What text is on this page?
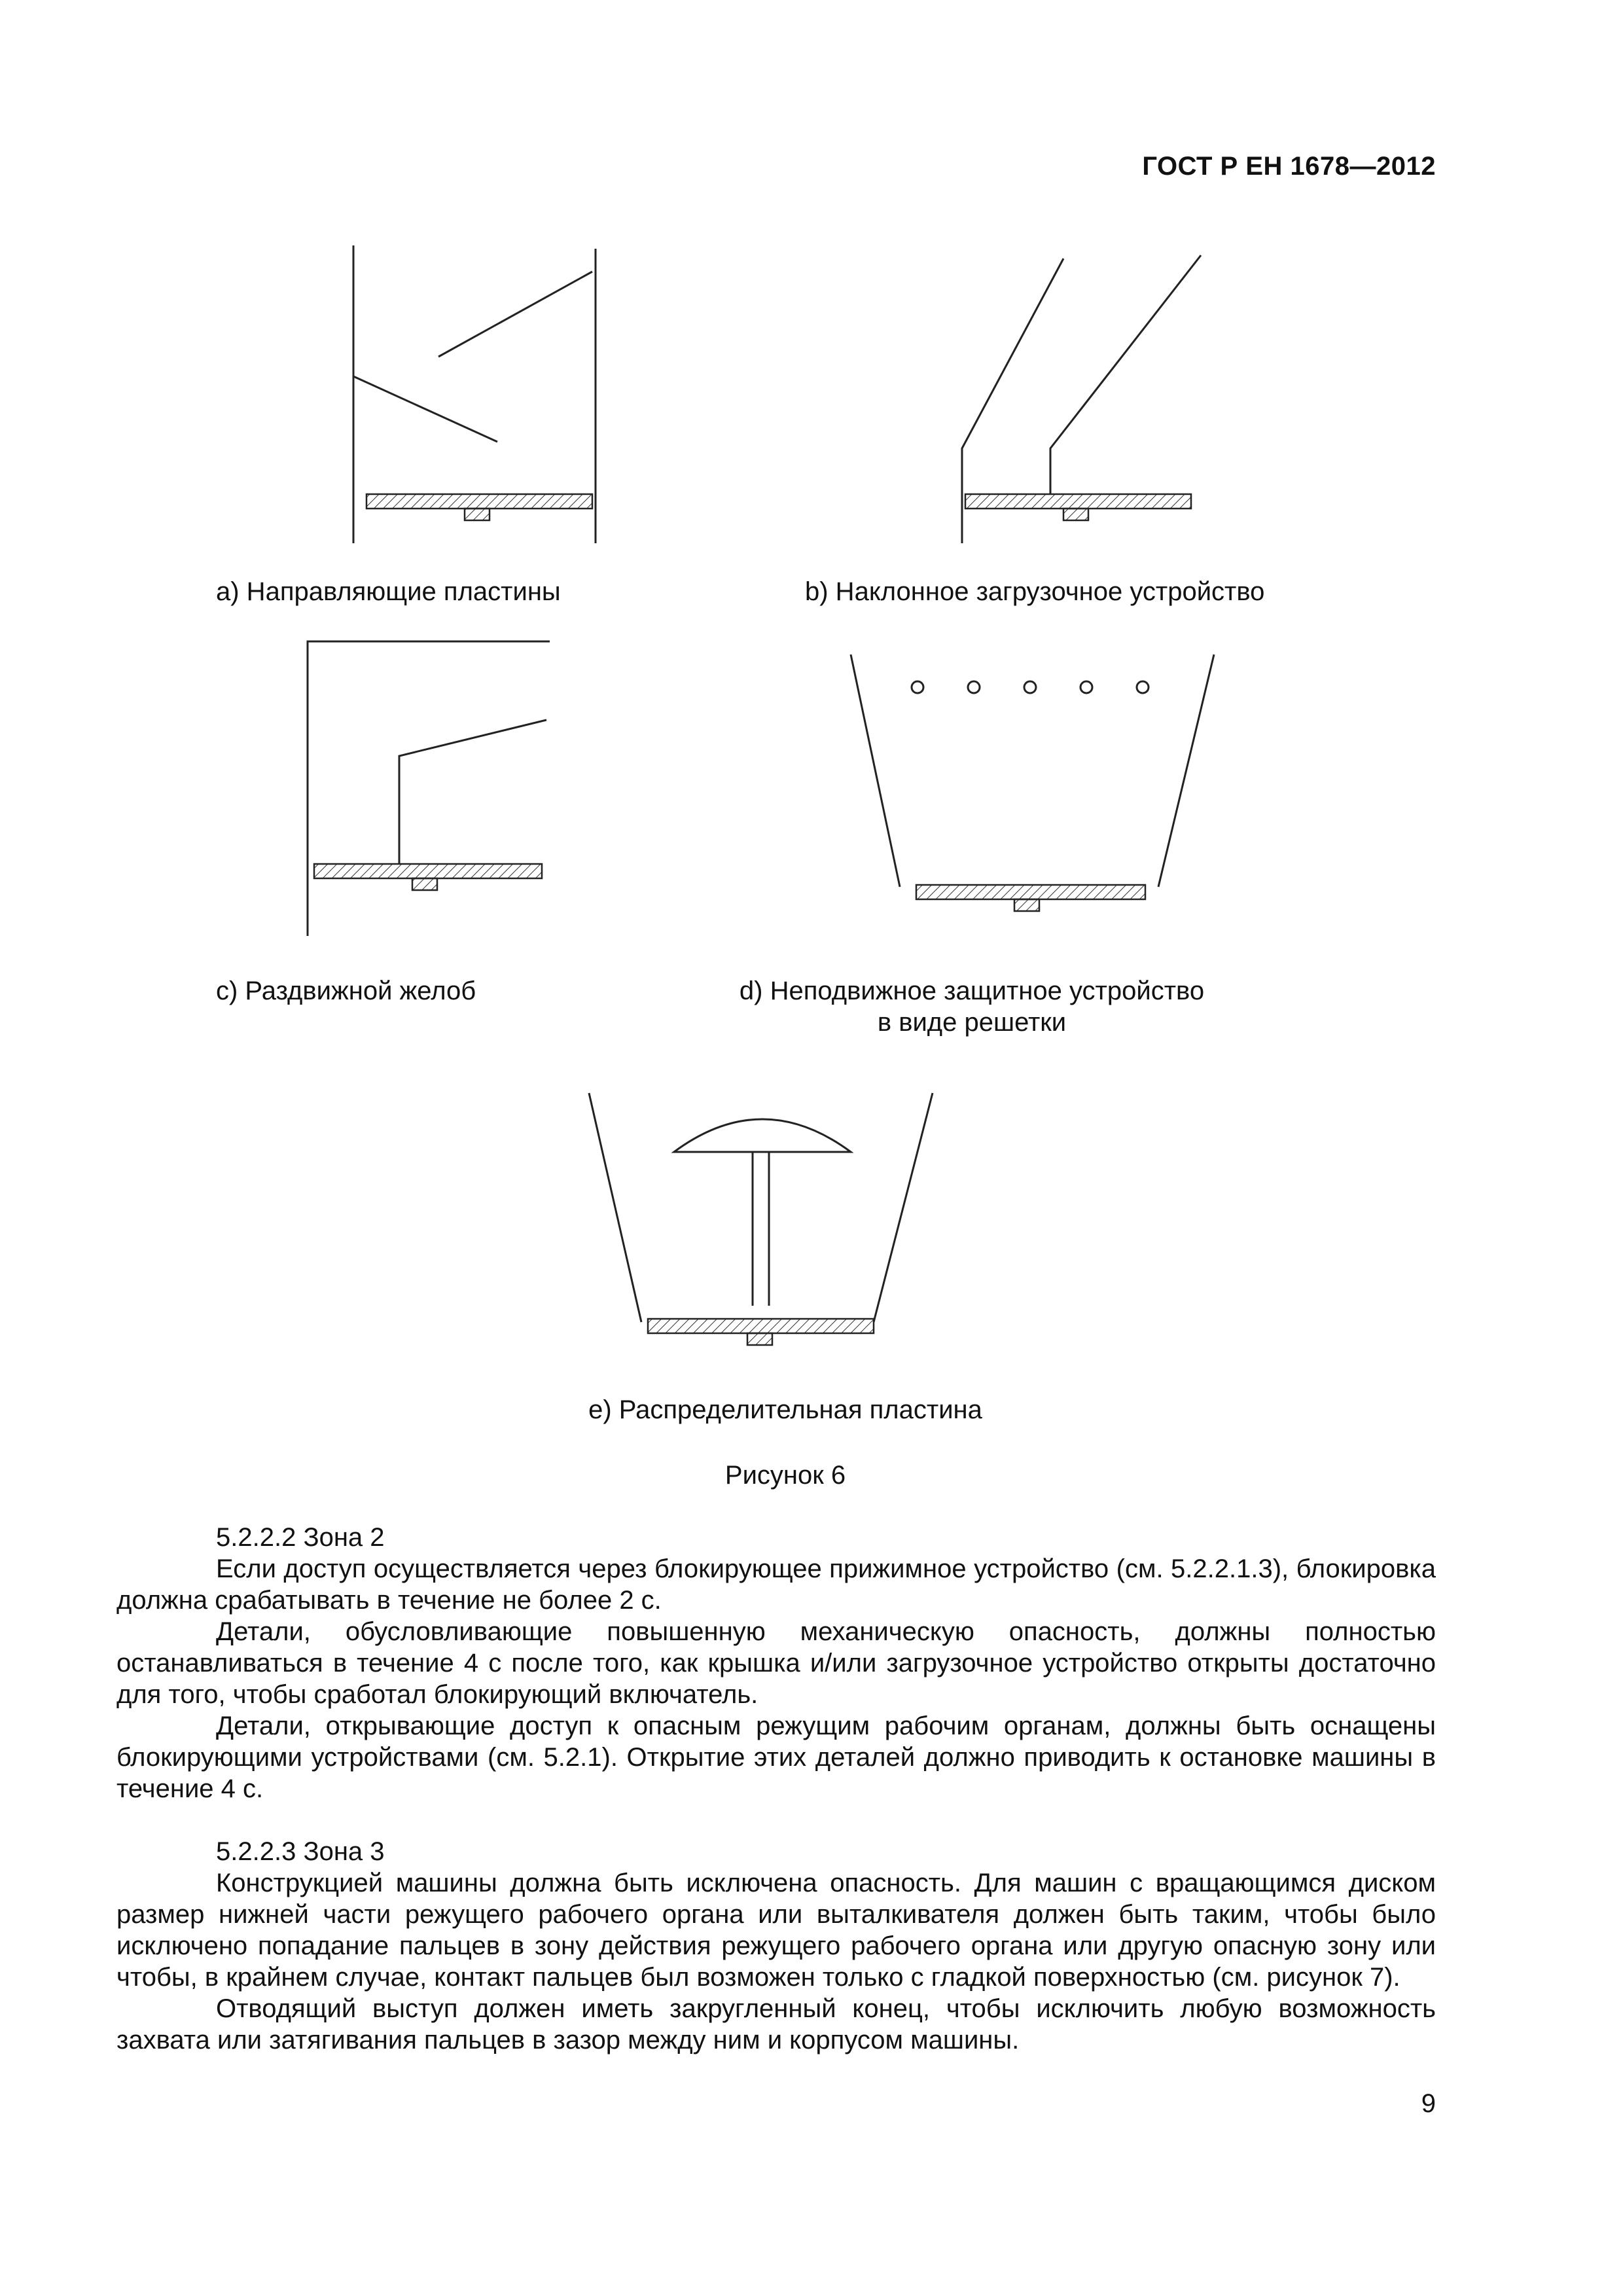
ГОСТ Р ЕН 1678—2012
a) Направляющие пластины	b) Наклонное загрузочное устройство
c) Раздвижной желоб	d) Неподвижное защитное устройство
в виде решетки
e) Распределительная пластина
Рисунок 6

5.2.2.2 Зона 2

Если доступ осуществляется через блокирующее прижимное устройство (см. 5.2.2.1.3), блокировка должна срабатывать в течение не более 2 с.

Детали, обусловливающие повышенную механическую опасность, должны полностью останавливаться в течение 4 с после того, как крышка и/или загрузочное устройство открыты достаточно для того, чтобы сработал блокирующий включатель.

Детали, открывающие доступ к опасным режущим рабочим органам, должны быть оснащены блокирующими устройствами (см. 5.2.1). Открытие этих деталей должно приводить к остановке машины в течение 4 с.

5.2.2.3 Зона 3

Конструкцией машины должна быть исключена опасность. Для машин с вращающимся диском размер нижней части режущего рабочего органа или выталкивателя должен быть таким, чтобы было исключено попадание пальцев в зону действия режущего рабочего органа или другую опасную зону или чтобы, в крайнем случае, контакт пальцев был возможен только с гладкой поверхностью (см. рисунок 7).

Отводящий выступ должен иметь закругленный конец, чтобы исключить любую возможность захвата или затягивания пальцев в зазор между ним и корпусом машины.

9
